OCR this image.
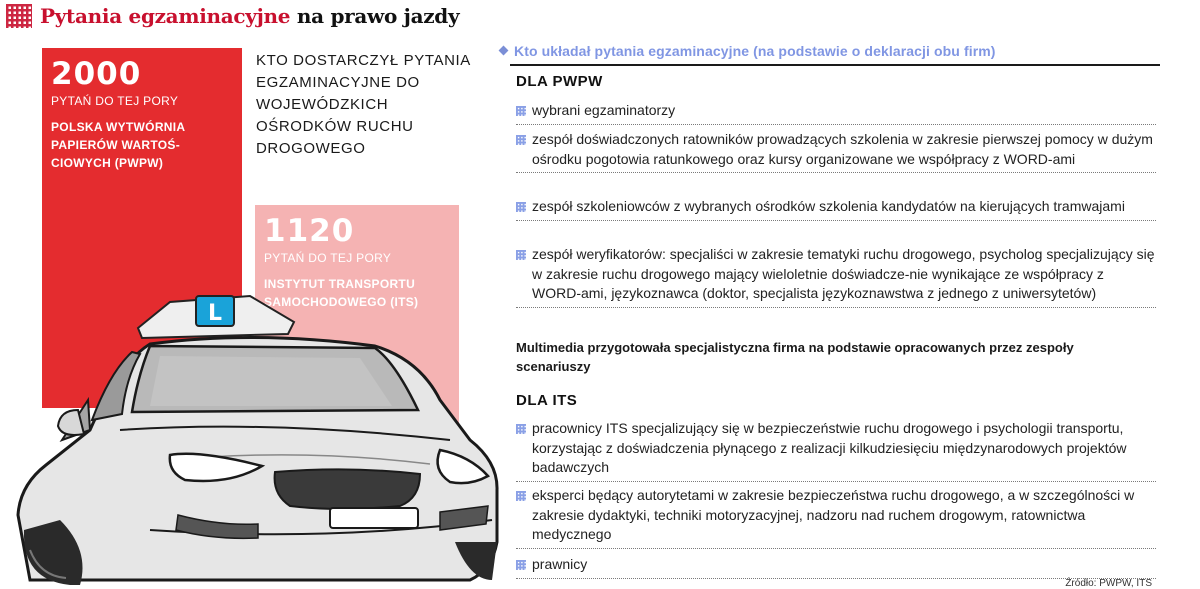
Pytania egzaminacyjne na prawo jazdy
2000
PYTAŃ DO TEJ PORY
POLSKA WYTWÓRNIA PAPIERÓW WARTOŚ-CIOWYCH (PWPW)
1120
PYTAŃ DO TEJ PORY
INSTYTUT TRANSPORTU SAMOCHODOWEGO (ITS)
KTO DOSTARCZYŁ PYTANIA EGZAMINACYJNE DO WOJEWÓDZKICH OŚRODKÓW RUCHU DROGOWEGO
L
Kto układał pytania egzaminacyjne (na podstawie o deklaracji obu firm)
DLA PWPW
wybrani egzaminatorzy
zespół doświadczonych ratowników prowadzących szkolenia w zakresie pierwszej pomocy w dużym ośrodku pogotowia ratunkowego oraz kursy organizowane we współpracy z WORD-ami
zespół szkoleniowców z wybranych ośrodków szkolenia kandydatów na kierujących tramwajami
zespół weryfikatorów: specjaliści w zakresie tematyki ruchu drogowego, psycholog specjalizujący się w zakresie ruchu drogowego mający wieloletnie doświadcze-nie wynikające ze współpracy z WORD-ami, językoznawca (doktor, specjalista językoznawstwa z jednego z uniwersytetów)
Multimedia przygotowała specjalistyczna firma na podstawie opracowanych przez zespoły scenariuszy
DLA ITS
pracownicy ITS specjalizujący się w bezpieczeństwie ruchu drogowego i psychologii transportu, korzystając z doświadczenia płynącego z realizacji kilkudziesięciu międzynarodowych projektów badawczych
eksperci będący autorytetami w zakresie bezpieczeństwa ruchu drogowego, a w szczególności w zakresie dydaktyki, techniki motoryzacyjnej, nadzoru nad ruchem drogowym, ratownictwa medycznego
prawnicy
Źródło: PWPW, ITS
